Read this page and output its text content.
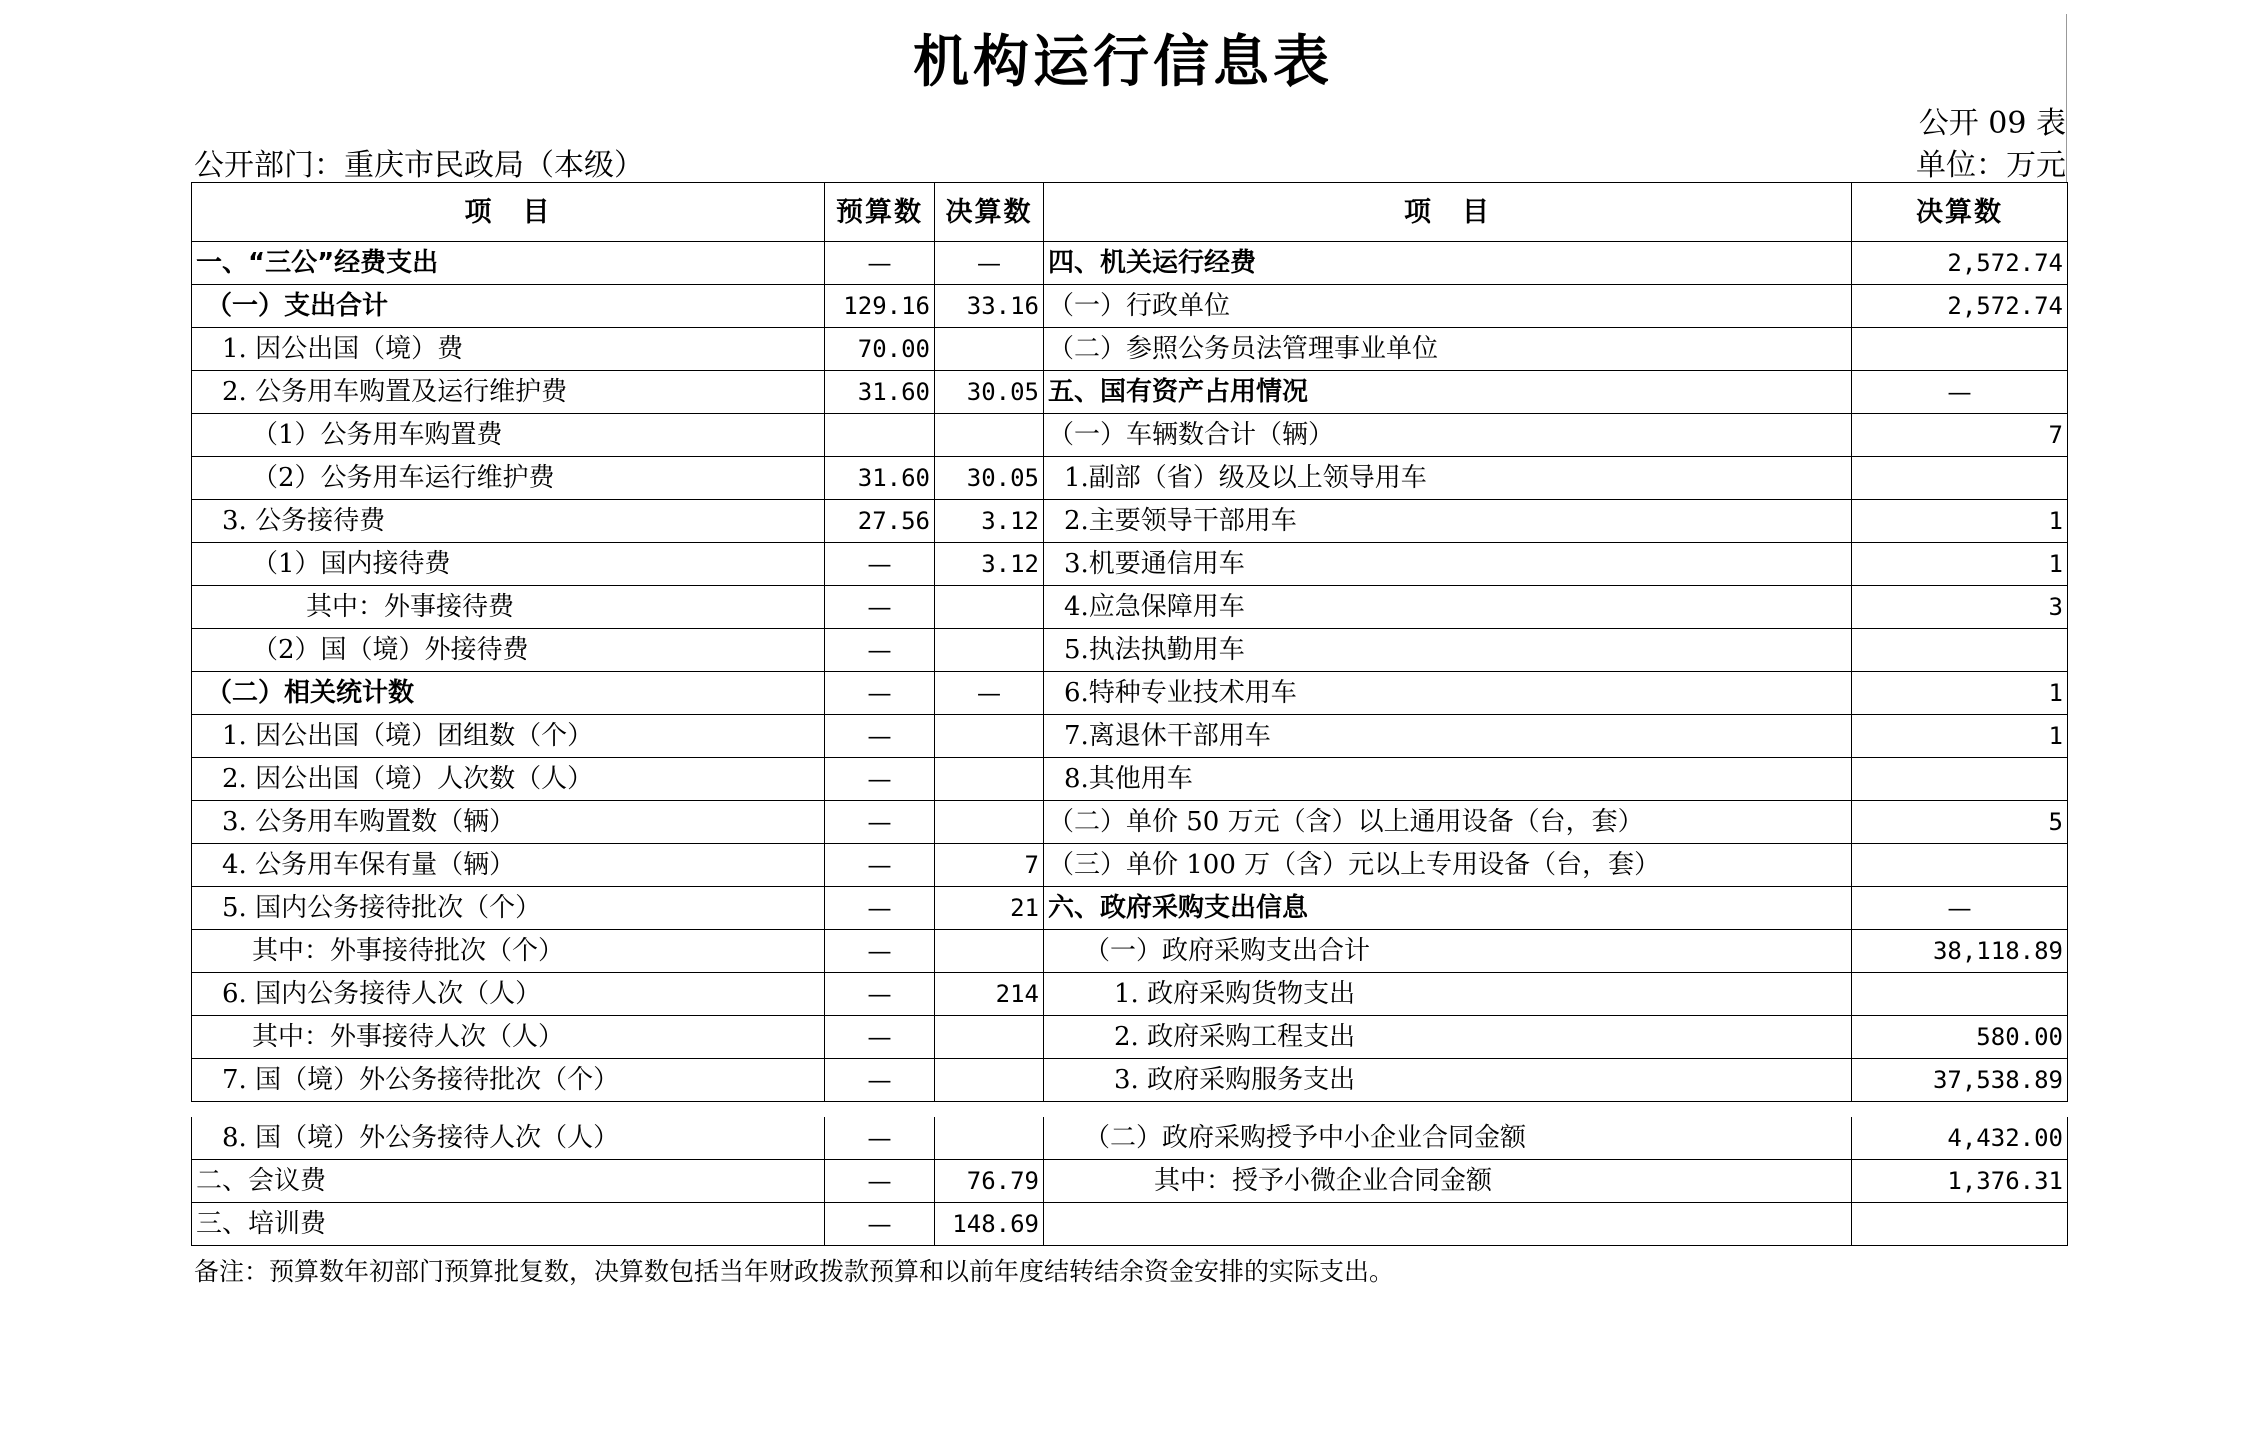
机构运行信息表
公开 09 表
公开部门：重庆市民政局（本级）	单位：万元
项　目	预算数	决算数	项　目	决算数
一、“三公”经费支出	—	—	四、机关运行经费	2,572.74
（一）支出合计	129.16	33.16	（一）行政单位	2,572.74
1. 因公出国（境）费	70.00		（二）参照公务员法管理事业单位	
2. 公务用车购置及运行维护费	31.60	30.05	五、国有资产占用情况	—
（1）公务用车购置费			（一）车辆数合计（辆）	7
（2）公务用车运行维护费	31.60	30.05	1.副部（省）级及以上领导用车	
3. 公务接待费	27.56	3.12	2.主要领导干部用车	1
（1）国内接待费	—	3.12	3.机要通信用车	1
其中：外事接待费	—		4.应急保障用车	3
（2）国（境）外接待费	—		5.执法执勤用车	
（二）相关统计数	—	—	6.特种专业技术用车	1
1. 因公出国（境）团组数（个）	—		7.离退休干部用车	1
2. 因公出国（境）人次数（人）	—		8.其他用车	
3. 公务用车购置数（辆）	—		（二）单价 50 万元（含）以上通用设备（台，套）	5
4. 公务用车保有量（辆）	—	7	（三）单价 100 万（含）元以上专用设备（台，套）	
5. 国内公务接待批次（个）	—	21	六、政府采购支出信息	—
其中：外事接待批次（个）	—		（一）政府采购支出合计	38,118.89
6. 国内公务接待人次（人）	—	214	1. 政府采购货物支出	
其中：外事接待人次（人）	—		2. 政府采购工程支出	580.00
7. 国（境）外公务接待批次（个）	—		3. 政府采购服务支出	37,538.89
8. 国（境）外公务接待人次（人）	—		（二）政府采购授予中小企业合同金额	4,432.00
二、会议费	—	76.79	其中：授予小微企业合同金额	1,376.31
三、培训费	—	148.69		
备注：预算数年初部门预算批复数，决算数包括当年财政拨款预算和以前年度结转结余资金安排的实际支出。
